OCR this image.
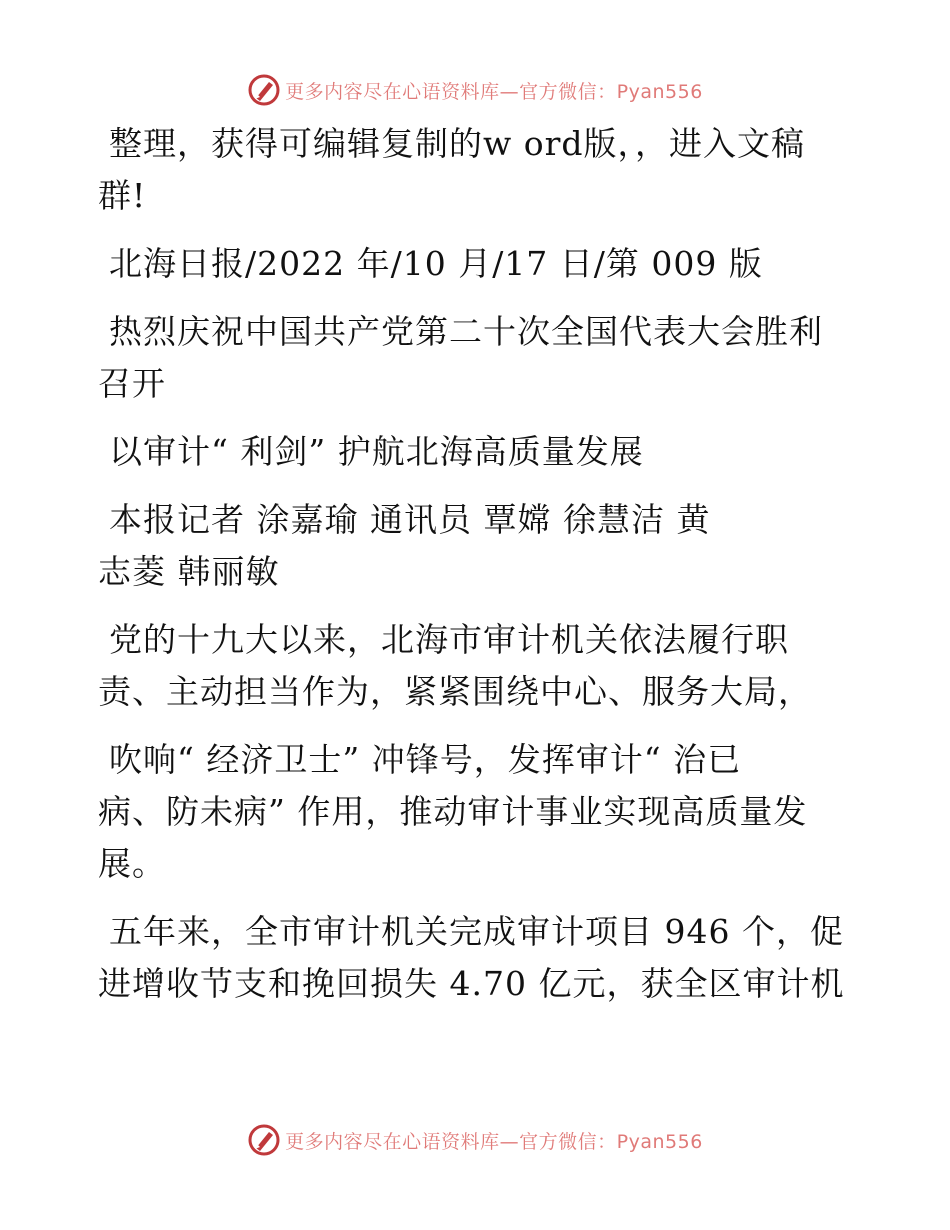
更多内容尽在心语资料库—官方微信：Pyan556
整理，获得可编辑复制的w ord版，，进入文稿
群!
北海日报/2022 年/10 月/17 日/第 009 版
热烈庆祝中国共产党第二十次全国代表大会胜利
召开
以审计“ 利剑” 护航北海高质量发展
本报记者 涂嘉瑜 通讯员 覃嫦 徐慧洁 黄
志菱 韩丽敏
党的十九大以来，北海市审计机关依法履行职
责、主动担当作为，紧紧围绕中心、服务大局，
吹响“ 经济卫士” 冲锋号，发挥审计“ 治已
病、防未病” 作用，推动审计事业实现高质量发
展。
五年来，全市审计机关完成审计项目 946 个，促
进增收节支和挽回损失 4.70 亿元，获全区审计机
更多内容尽在心语资料库—官方微信：Pyan556
